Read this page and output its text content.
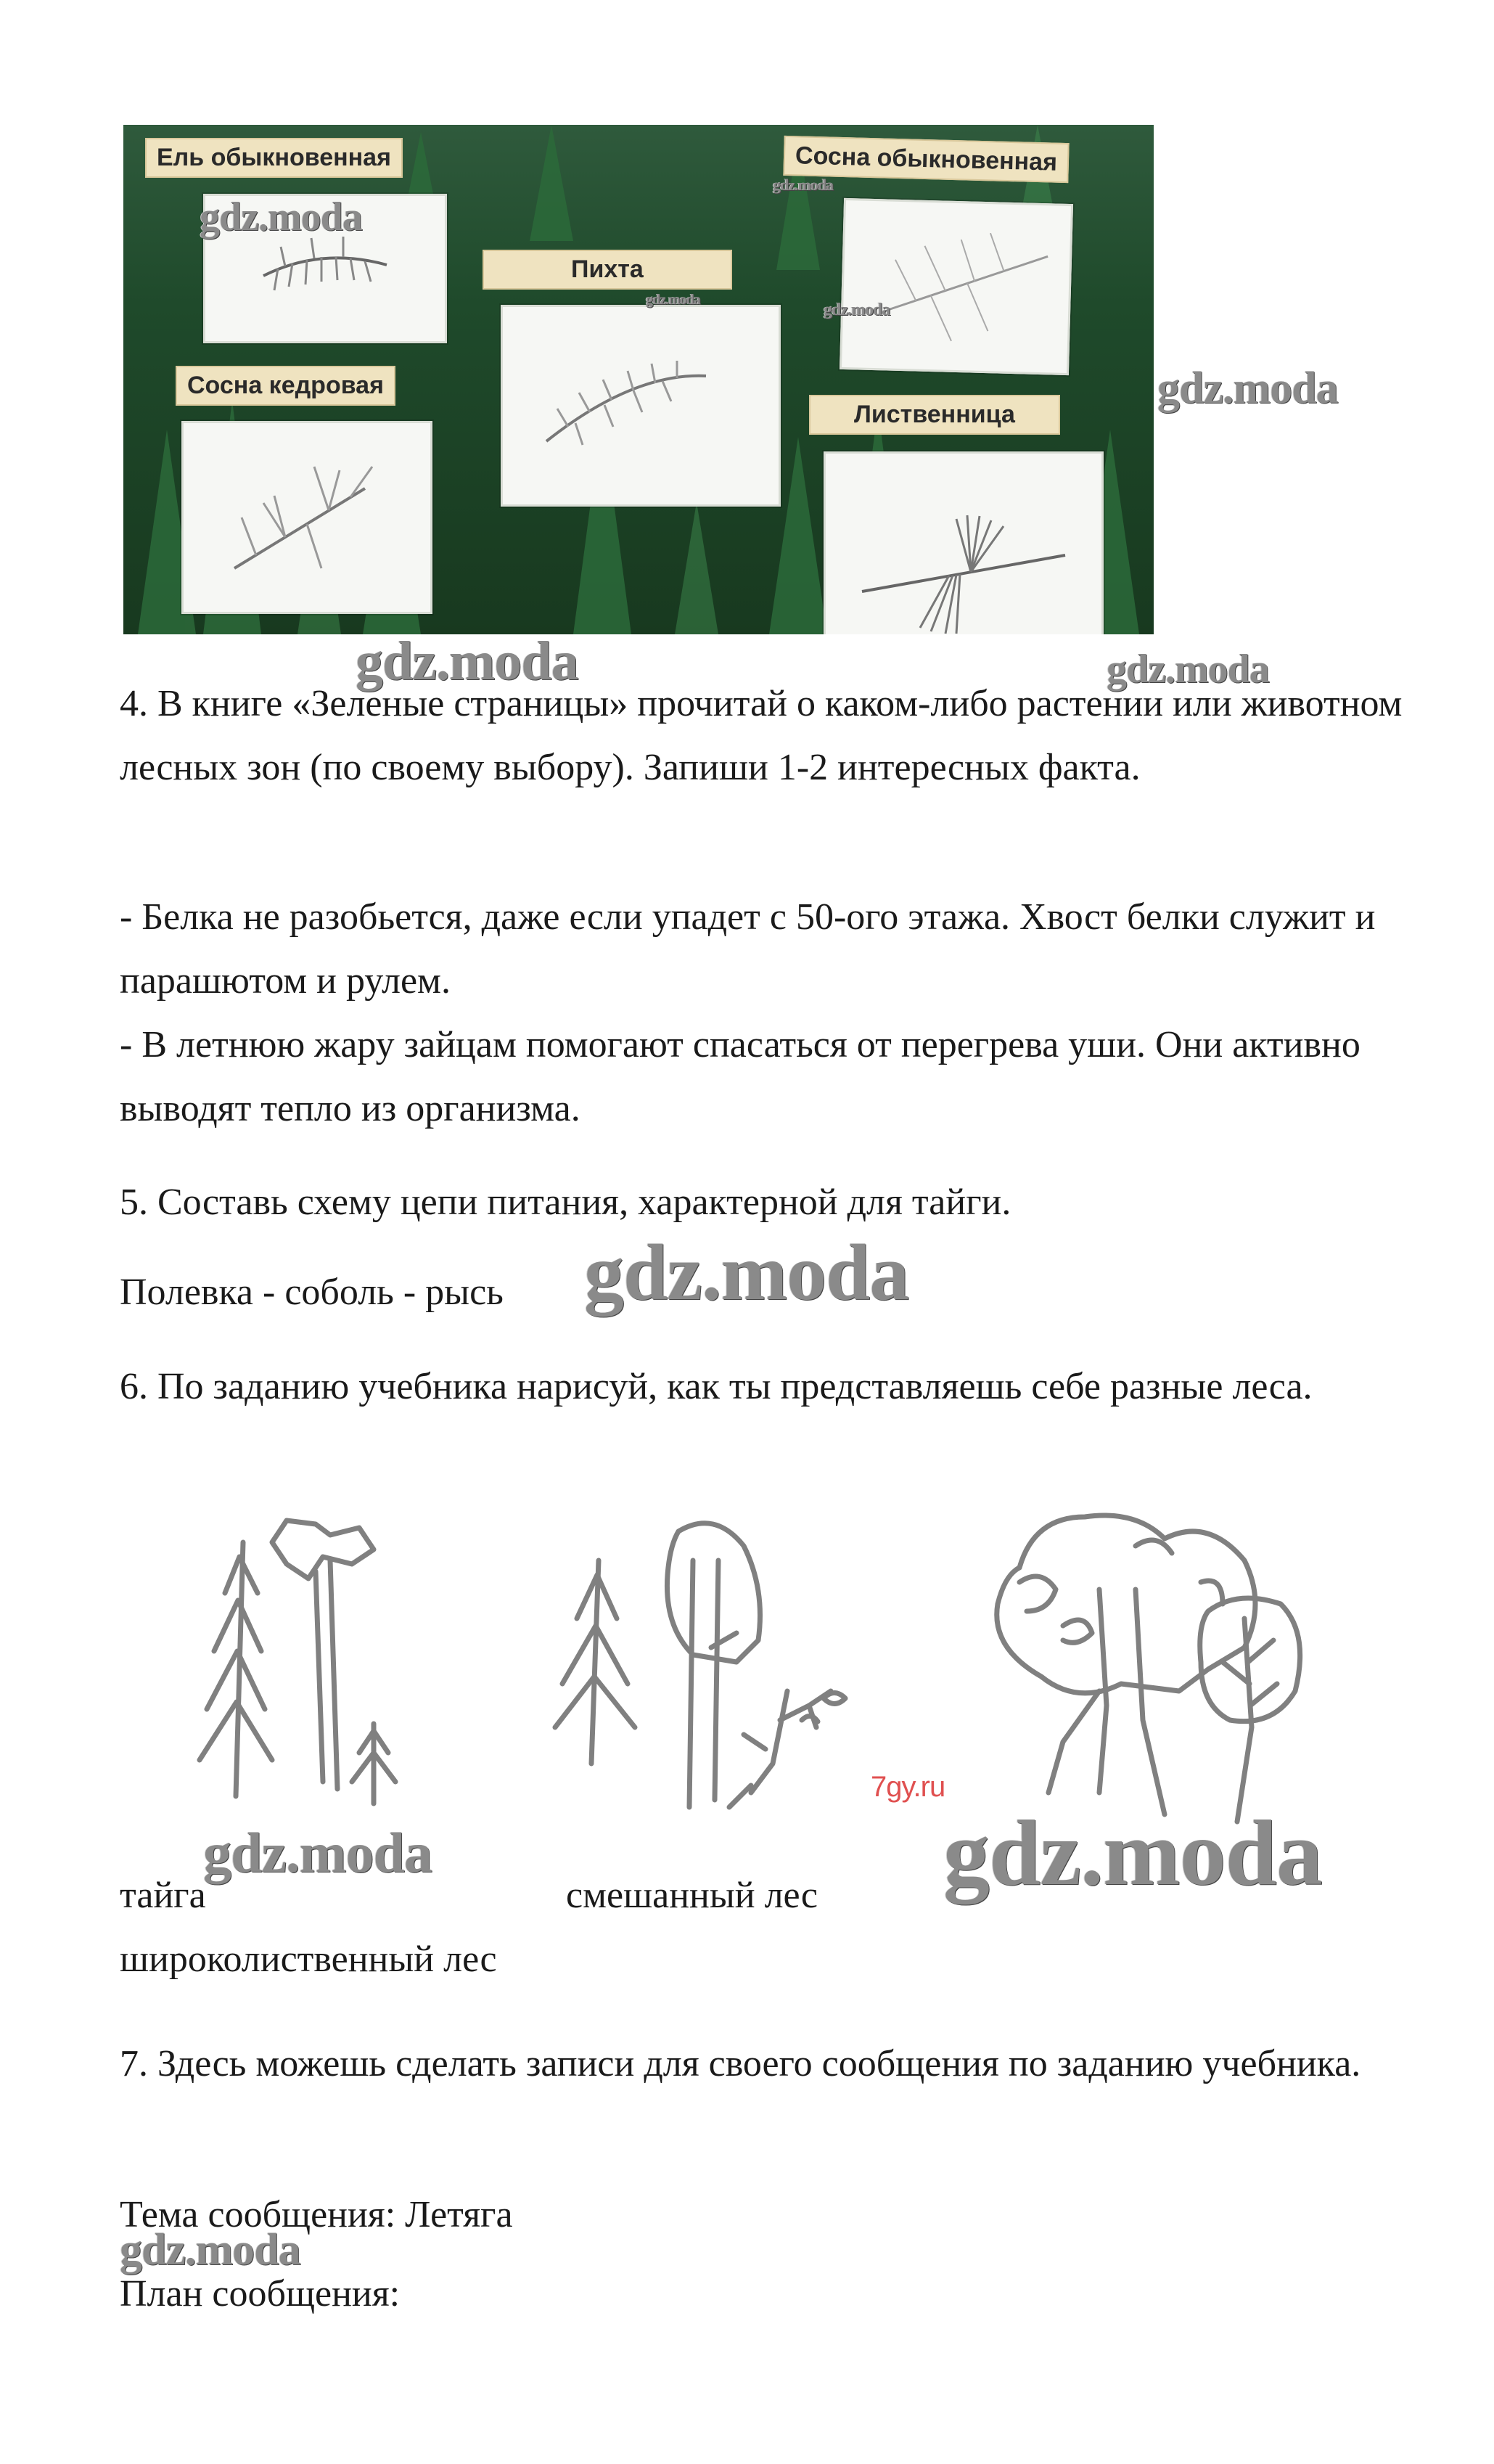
Ель обыкновенная	Сосна обыкновенная
Пихта
Сосна кедровая
Лиственница
gdz.moda
gdz.moda
gdz.moda
gdz.moda
gdz.moda
gdz.moda	gdz.moda

4. В книге «Зеленые страницы» прочитай о каком-либо растении или животном лесных зон (по своему выбору). Запиши 1-2 интересных факта.

- Белка не разобьется, даже если упадет с 50-ого этажа. Хвост белки служит и парашютом и рулем.

- В летнюю жару зайцам помогают спасаться от перегрева уши. Они активно выводят тепло из организма.

5. Составь схему цепи питания, характерной для тайги.

Полевка - соболь - рысь	gdz.moda

6. По заданию учебника нарисуй, как ты представляешь себе разные леса.

7gy.ru
gdz.moda	gdz.moda

тайга	смешанный лес

широколиственный лес

7. Здесь можешь сделать записи для своего сообщения по заданию учебника.

Тема сообщения: Летяга

gdz.moda

План сообщения:
